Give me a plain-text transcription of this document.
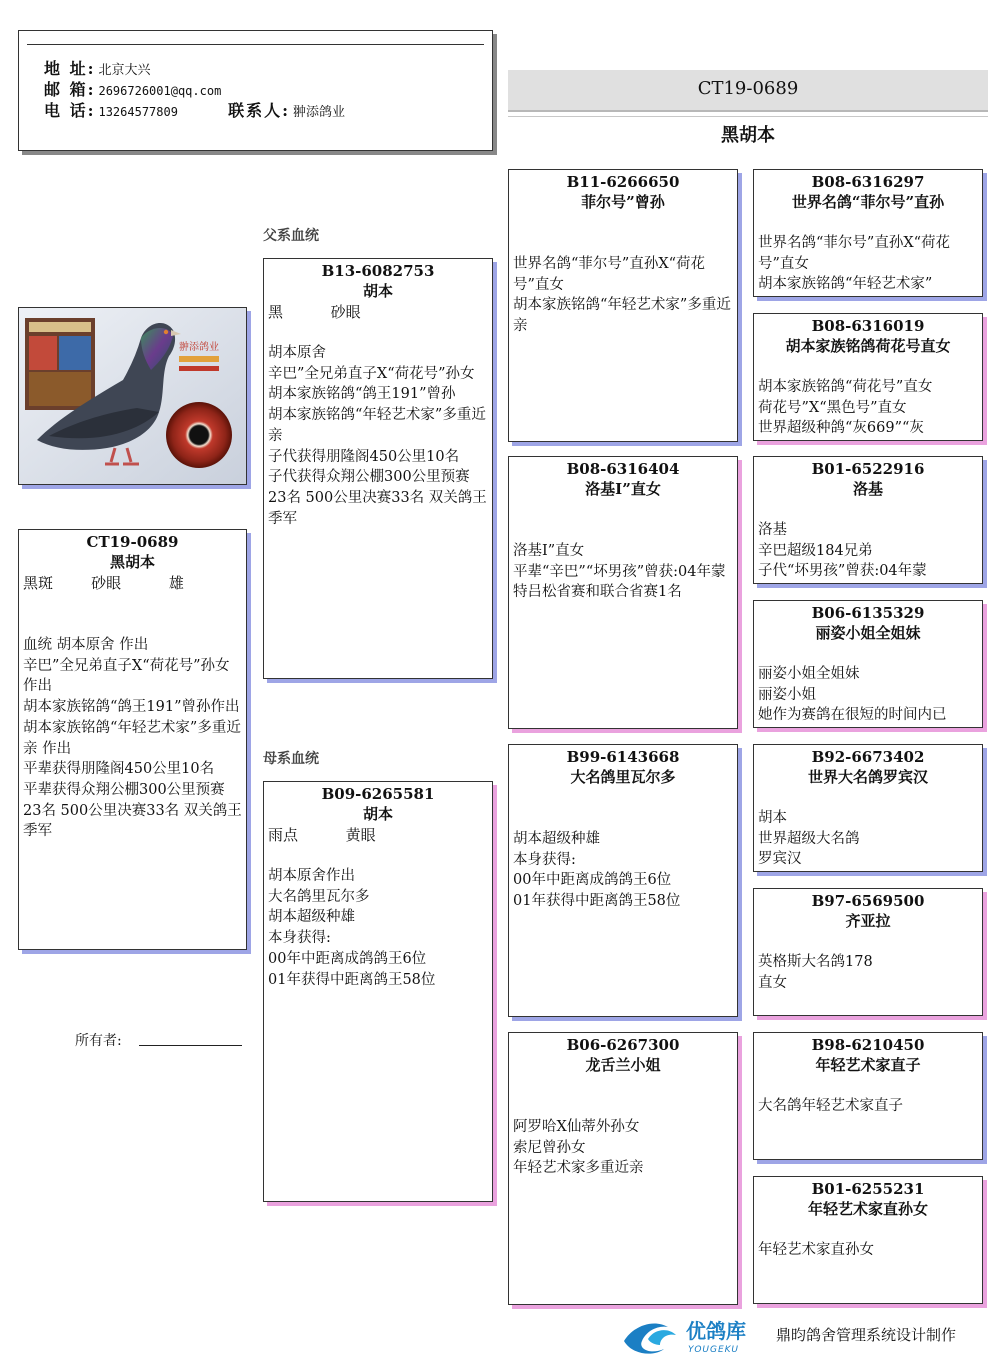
地 址: 北京大兴
邮 箱: 2696726001@qq.com
电 话: 13264577809	联系人: 翀添鸽业
CT19-0689
黑胡本
父系血统
母系血统
翀添鸽业
CT19-0689
黑胡本
黑斑        砂眼          雄
血统 胡本原舍 作出
辛巴”全兄弟直子X“荷花号”孙女 作出
胡本家族铭鸽“鸽王191”曾孙作出
胡本家族铭鸽“年轻艺术家”多重近亲 作出
平辈获得朋隆阁450公里10名
平辈获得众翔公棚300公里预赛23名 500公里决赛33名 双关鸽王季军
所有者:
B13-6082753
胡本
黑          砂眼
胡本原舍
辛巴”全兄弟直子X“荷花号”孙女
胡本家族铭鸽“鸽王191”曾孙
胡本家族铭鸽“年轻艺术家”多重近亲
子代获得朋隆阁450公里10名
子代获得众翔公棚300公里预赛23名 500公里决赛33名 双关鸽王季军
B09-6265581
胡本
雨点          黄眼
胡本原舍作出
大名鸽里瓦尔多
胡本超级种雄
本身获得:
00年中距离成鸽鸽王6位
01年获得中距离鸽王58位
B11-6266650
菲尔号”曾孙
世界名鸽“菲尔号”直孙X“荷花号”直女
胡本家族铭鸽“年轻艺术家”多重近亲
B08-6316404
洛基I”直女
洛基I”直女
平辈“辛巴”“坏男孩”曾获:04年蒙特吕松省赛和联合省赛1名
B99-6143668
大名鸽里瓦尔多
胡本超级种雄
本身获得:
00年中距离成鸽鸽王6位
01年获得中距离鸽王58位
B06-6267300
龙舌兰小姐
阿罗哈X仙蒂外孙女
索尼曾孙女
年轻艺术家多重近亲
B08-6316297
世界名鸽“菲尔号”直孙
世界名鸽“菲尔号”直孙X“荷花号”直女
胡本家族铭鸽“年轻艺术家”
B08-6316019
胡本家族铭鸽荷花号直女
胡本家族铭鸽“荷花号”直女
荷花号”X“黑色号”直女
世界超级种鸽“灰669”“灰
B01-6522916
洛基
洛基
辛巴超级184兄弟
子代“坏男孩”曾获:04年蒙
B06-6135329
丽姿小姐全姐妹
丽姿小姐全姐妹
丽姿小姐
她作为赛鸽在很短的时间内已
B92-6673402
世界大名鸽罗宾汉
胡本
世界超级大名鸽
罗宾汉
B97-6569500
齐亚拉
英格斯大名鸽178
直女
B98-6210450
年轻艺术家直子
大名鸽年轻艺术家直子
B01-6255231
年轻艺术家直孙女
年轻艺术家直孙女
优鸽库
YOUGEKU
鼎昀鸽舍管理系统设计制作
